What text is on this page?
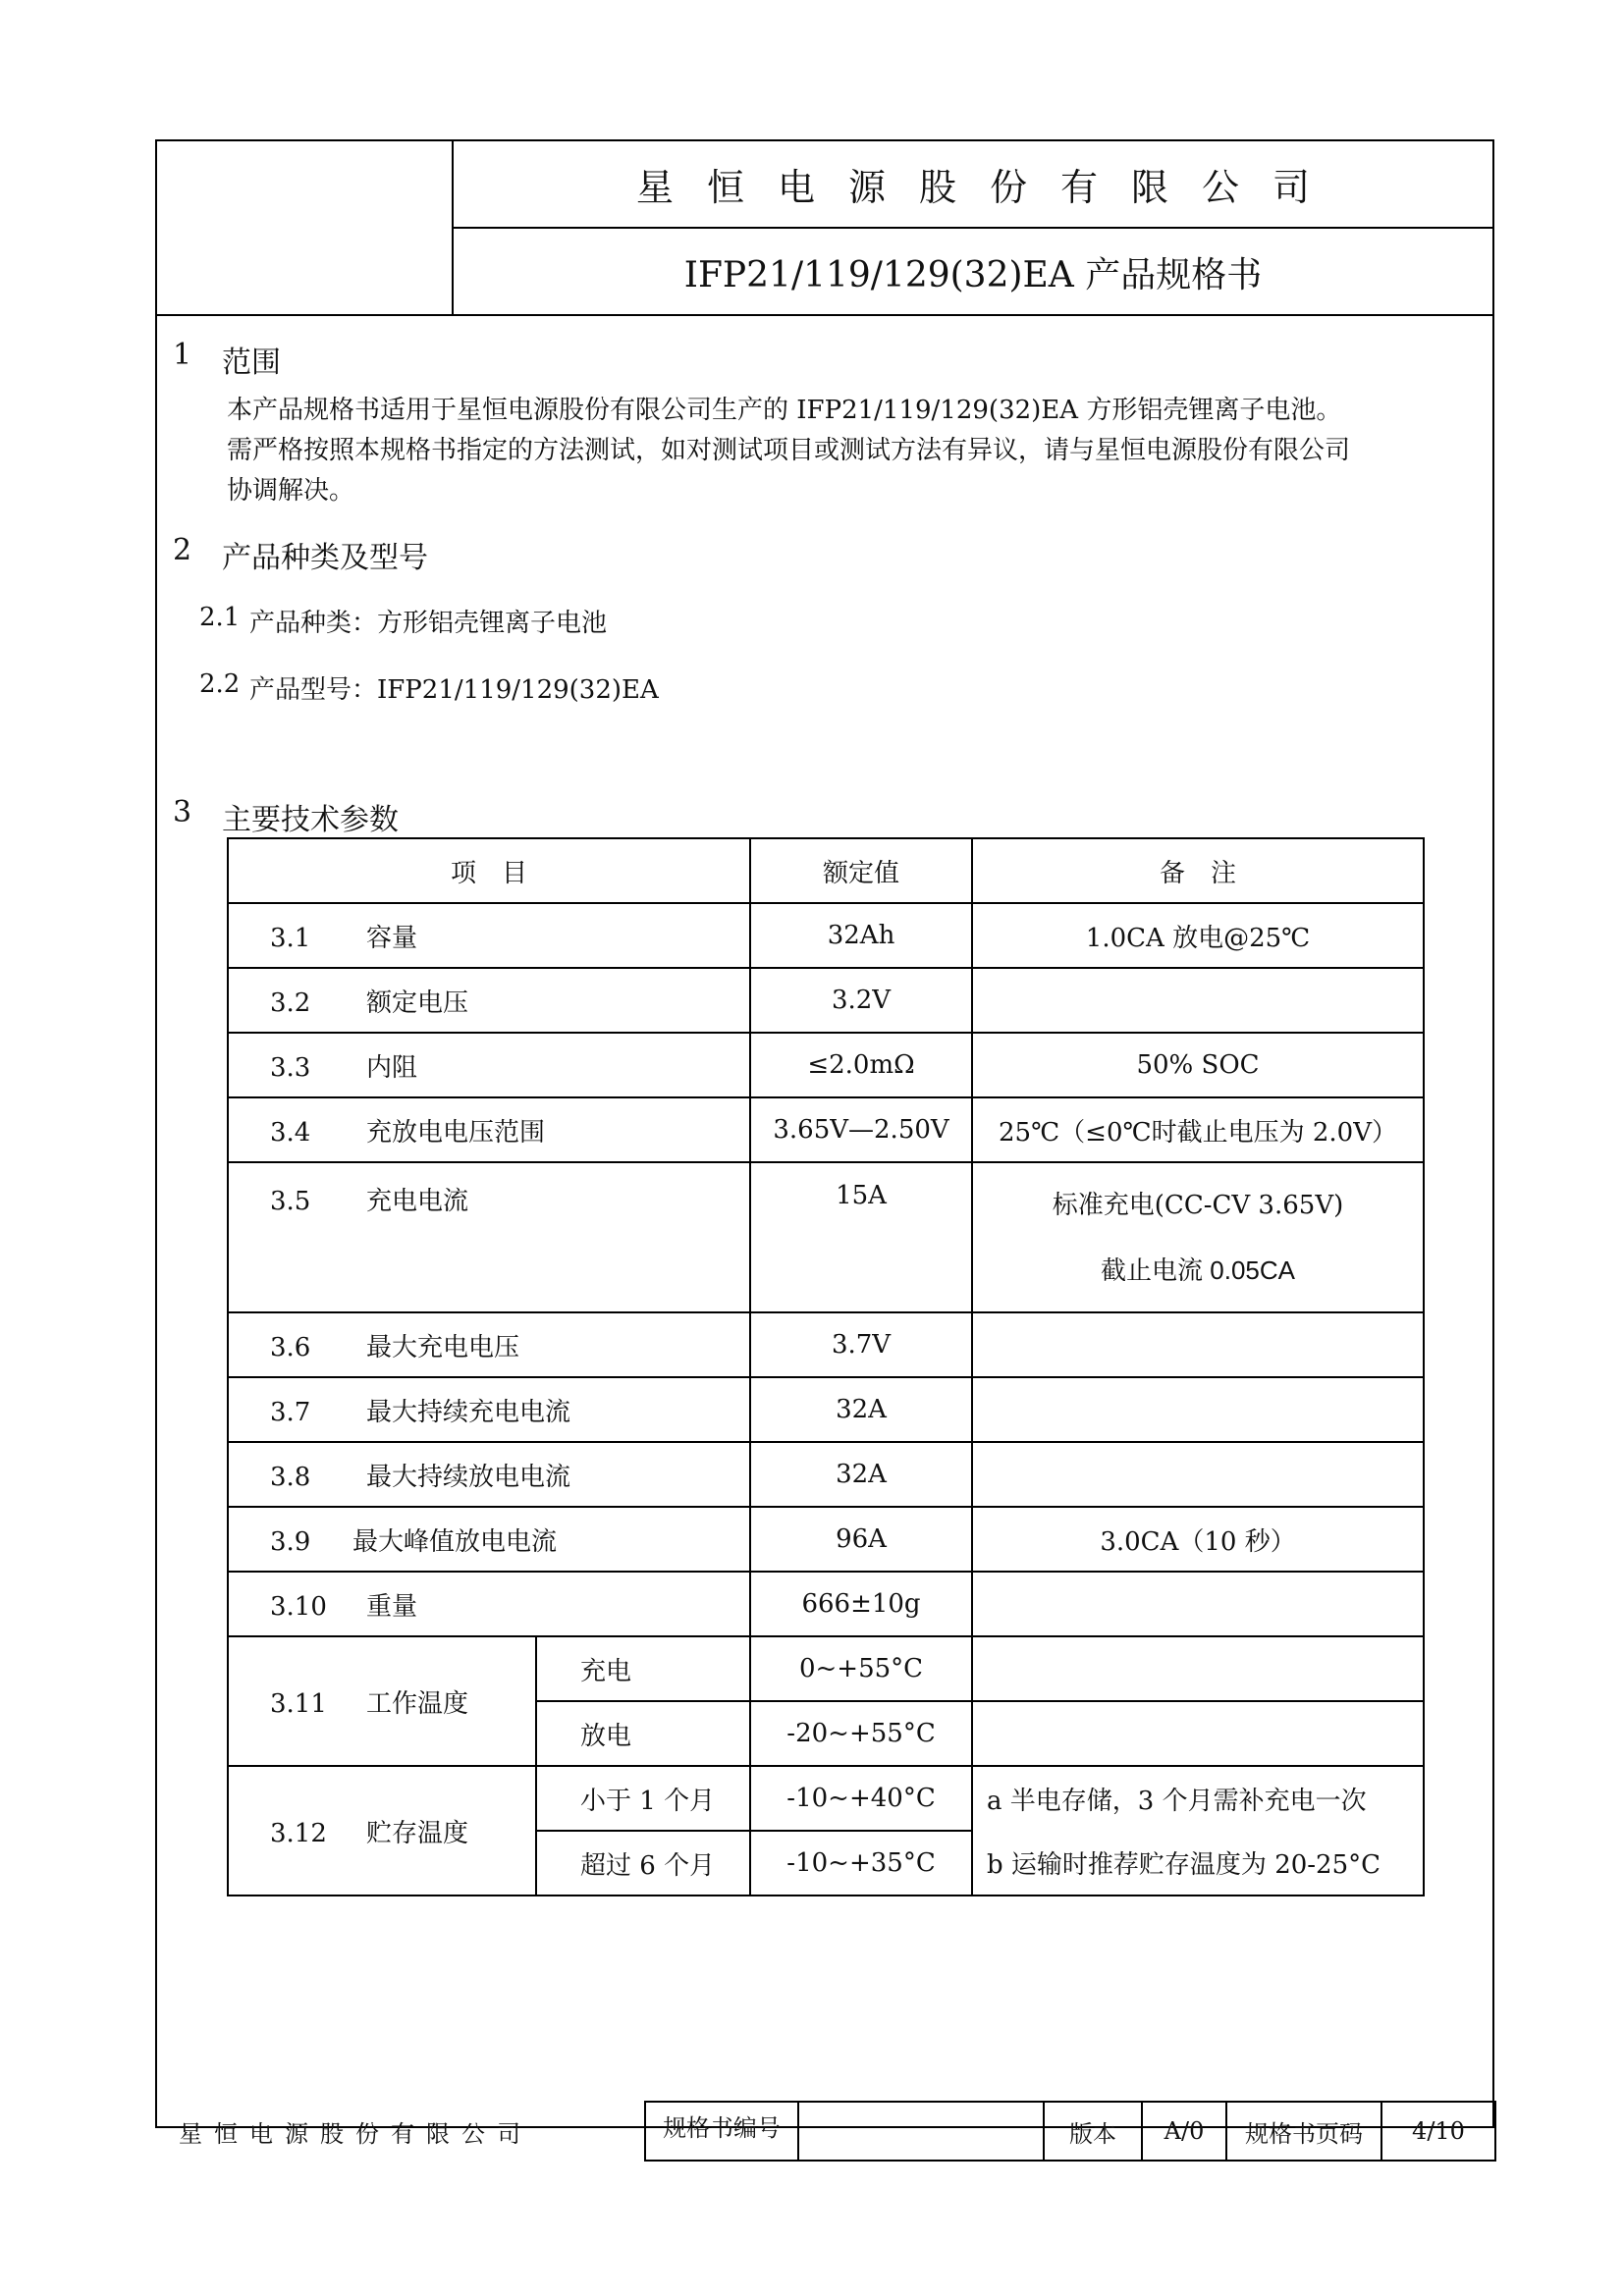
星恒电源股份有限公司
IFP21/119/129(32)EA 产品规格书
1 范围
本产品规格书适用于星恒电源股份有限公司生产的 IFP21/119/129(32)EA 方形铝壳锂离子电池。
需严格按照本规格书指定的方法测试，如对测试项目或测试方法有异议，请与星恒电源股份有限公司
协调解决。
2 产品种类及型号
2.1 产品种类：方形铝壳锂离子电池
2.2 产品型号：IFP21/119/129(32)EA
3 主要技术参数
项　目		额定值	备　注
3.1 容量		32Ah	1.0CA 放电@25℃
3.2 额定电压		3.2V	
3.3 内阻		≤2.0mΩ	50% SOC
3.4 充放电电压范围		3.65V—2.50V	25℃（≤0℃时截止电压为 2.0V）
3.5 充电电流		15A	标准充电(CC-CV 3.65V)
截止电流 0.05CA

3.6 最大充电电压		3.7V	
3.7 最大持续充电电流		32A	
3.8 最大持续放电电流		32A	
3.9 最大峰值放电电流		96A	3.0CA（10 秒）
3.10 重量		666±10g	
3.11 工作温度	充电	0~+55°C	
	放电	-20~+55°C	
3.12 贮存温度	小于 1 个月	-10~+40°C	a 半电存储，3 个月需补充电一次
	超过 6 个月	-10~+35°C	b 运输时推荐贮存温度为 20-25°C
星恒电源股份有限公司	规格书编号		版本	A/0	规格书页码	4/10
